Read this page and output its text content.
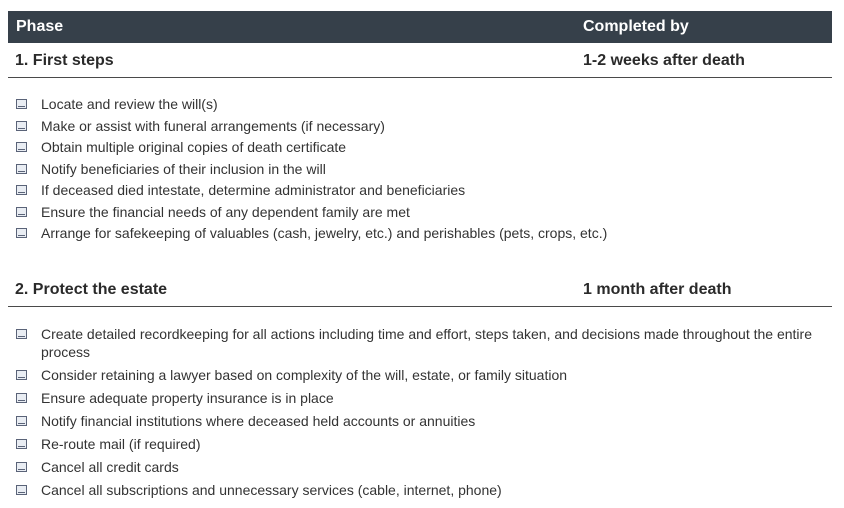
Phase	Completed by
1. First steps	1-2 weeks after death
Locate and review the will(s)
Make or assist with funeral arrangements (if necessary)
Obtain multiple original copies of death certificate
Notify beneficiaries of their inclusion in the will
If deceased died intestate, determine administrator and beneficiaries
Ensure the financial needs of any dependent family are met
Arrange for safekeeping of valuables (cash, jewelry, etc.) and perishables (pets, crops, etc.)
2. Protect the estate	1 month after death
Create detailed recordkeeping for all actions including time and effort, steps taken, and decisions made throughout the entire process
Consider retaining a lawyer based on complexity of the will, estate, or family situation
Ensure adequate property insurance is in place
Notify financial institutions where deceased held accounts or annuities
Re-route mail (if required)
Cancel all credit cards
Cancel all subscriptions and unnecessary services (cable, internet, phone)
